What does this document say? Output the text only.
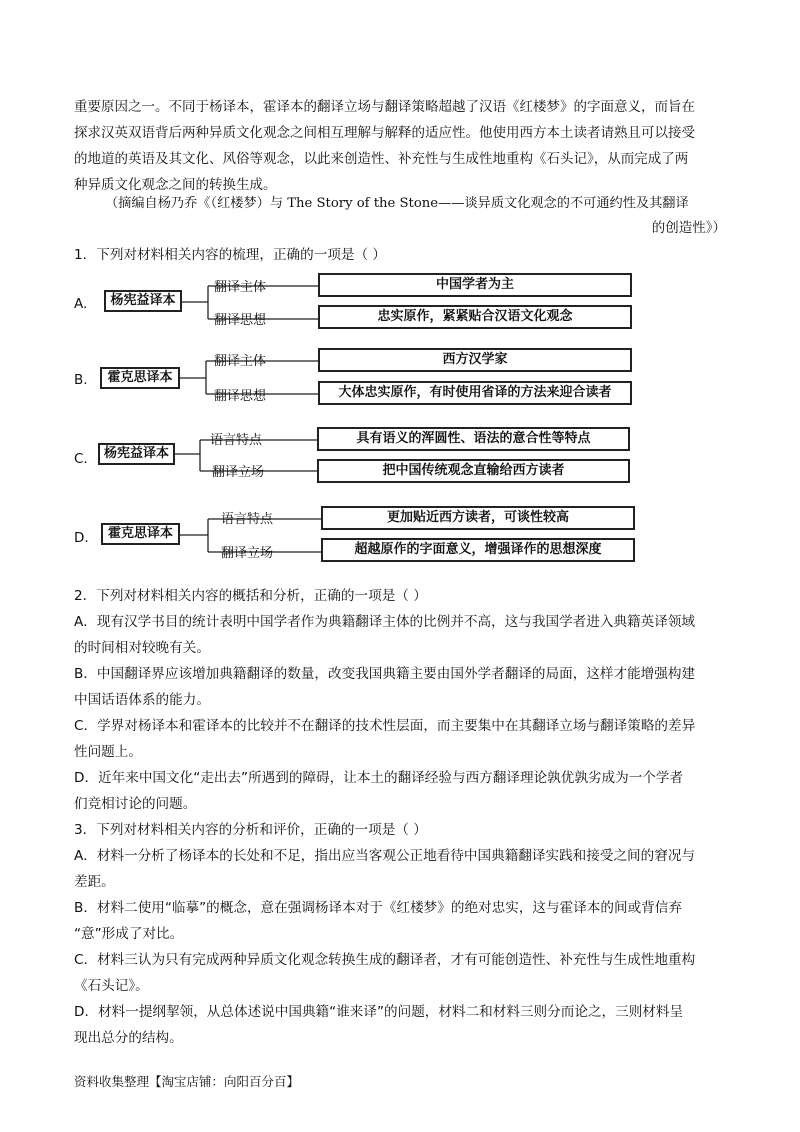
重要原因之一。不同于杨译本，霍译本的翻译立场与翻译策略超越了汉语《红楼梦》的字面意义，而旨在
探求汉英双语背后两种异质文化观念之间相互理解与解释的适应性。他使用西方本土读者请熟且可以接受
的地道的英语及其文化、风俗等观念，以此来创造性、补充性与生成性地重构《石头记》，从而完成了两
种异质文化观念之间的转换生成。
（摘编自杨乃乔《（红楼梦）与 The Story of the Stone——谈异质文化观念的不可通约性及其翻译
的创造性》）
1．下列对材料相关内容的梳理，正确的一项是（ ）
A.	杨宪益译本
翻译主体	中国学者为主
翻译思想	忠实原作，紧紧贴合汉语文化观念
B.	霍克思译本
翻译主体	西方汉学家
翻译思想	大体忠实原作，有时使用省译的方法来迎合读者
C.	杨宪益译本
语言特点	具有语义的浑圆性、语法的意合性等特点
翻译立场	把中国传统观念直输给西方读者
D.	霍克思译本
语言特点	更加贴近西方读者，可谈性较高
翻译立场	超越原作的字面意义，增强译作的思想深度
2．下列对材料相关内容的概括和分析，正确的一项是（ ）
A．现有汉学书目的统计表明中国学者作为典籍翻译主体的比例并不高，这与我国学者进入典籍英译领域
的时间相对较晚有关。
B．中国翻译界应该增加典籍翻译的数量，改变我国典籍主要由国外学者翻译的局面，这样才能增强构建
中国话语体系的能力。
C．学界对杨译本和霍译本的比较并不在翻译的技术性层面，而主要集中在其翻译立场与翻译策略的差异
性问题上。
D．近年来中国文化“走出去”所遇到的障碍，让本土的翻译经验与西方翻译理论孰优孰劣成为一个学者
们竞相讨论的问题。
3．下列对材料相关内容的分析和评价，正确的一项是（ ）
A．材料一分析了杨译本的长处和不足，指出应当客观公正地看待中国典籍翻译实践和接受之间的窘况与
差距。
B．材料二使用“临摹”的概念，意在强调杨译本对于《红楼梦》的绝对忠实，这与霍译本的间或背信弃
“意”形成了对比。
C．材料三认为只有完成两种异质文化观念转换生成的翻译者，才有可能创造性、补充性与生成性地重构
《石头记》。
D．材料一提纲挈领，从总体述说中国典籍“谁来译”的问题，材料二和材料三则分而论之，三则材料呈
现出总分的结构。
资料收集整理【淘宝店铺：向阳百分百】
